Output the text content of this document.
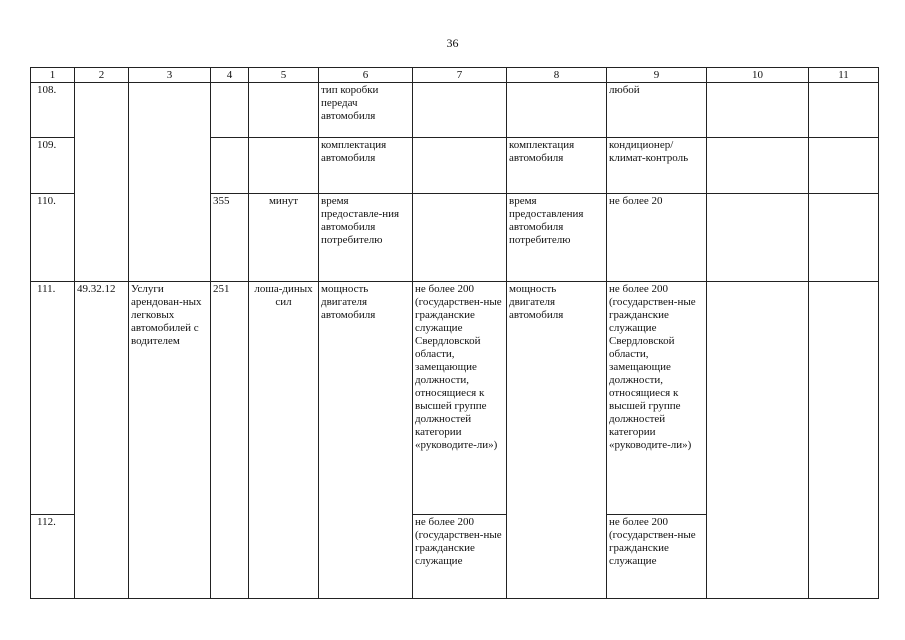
36
1	2	3	4	5	6	7	8	9	10	11
108.					тип коробки передач автомобиля			любой		
109.					комплектация автомобиля		комплектация автомобиля	кондиционер/ климат-контроль		
110.			355	минут	время предоставле-ния автомобиля потребителю		время предоставления автомобиля потребителю	не более 20		
111.	49.32.12	Услуги арендован-ных легковых автомобилей с водителем	251	лоша-диных сил	мощность двигателя автомобиля	не более 200 (государствен-ные гражданские служащие Свердловской области, замещающие должности, относящиеся к высшей группе должностей категории «руководите-ли»)	мощность двигателя автомобиля	не более 200 (государствен-ные гражданские служащие Свердловской области, замещающие должности, относящиеся к высшей группе должностей категории «руководите-ли»)		
112.						не более 200 (государствен-ные гражданские служащие		не более 200 (государствен-ные гражданские служащие		
